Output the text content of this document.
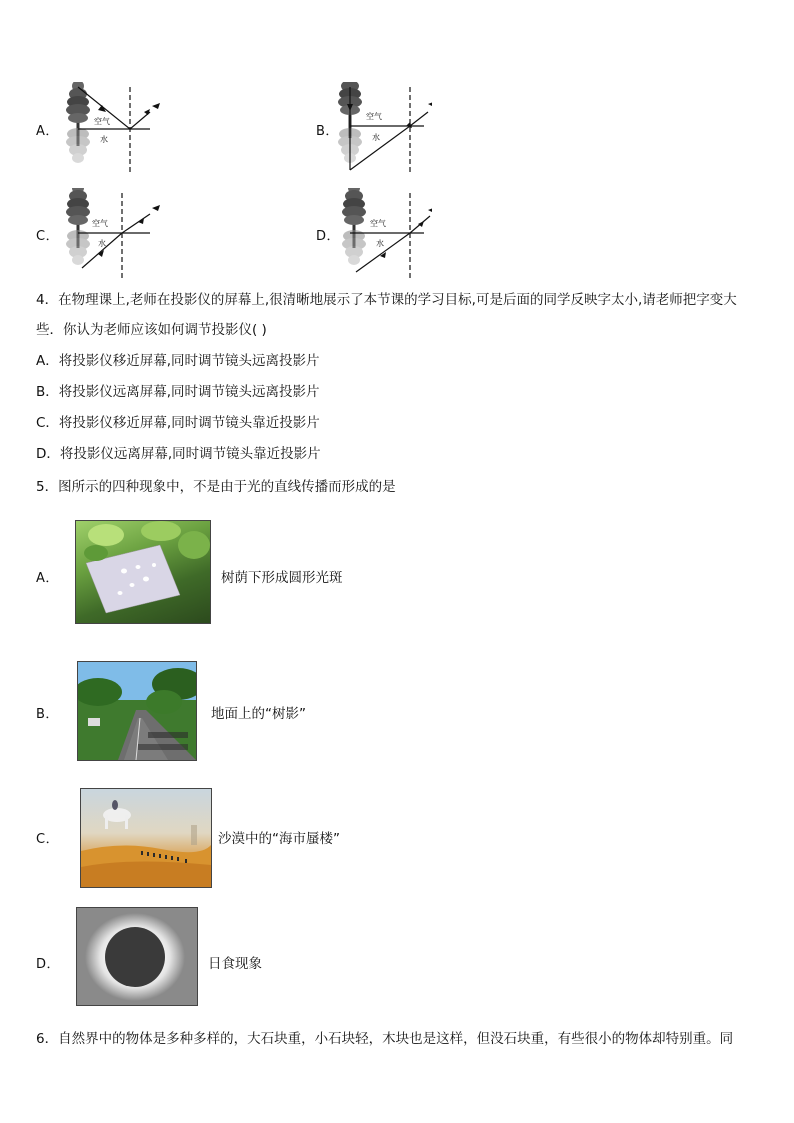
A．
空气
水
B．
空气
水
C．
空气
水	D．
空气
水
4．在物理课上,老师在投影仪的屏幕上,很清晰地展示了本节课的学习目标,可是后面的同学反映字太小,请老师把字变大
些．你认为老师应该如何调节投影仪( )
A．将投影仪移近屏幕,同时调节镜头远离投影片
B．将投影仪远离屏幕,同时调节镜头远离投影片
C．将投影仪移近屏幕,同时调节镜头靠近投影片
D．将投影仪远离屏幕,同时调节镜头靠近投影片
5．图所示的四种现象中，不是由于光的直线传播而形成的是
A．	树荫下形成圆形光斑
B．	地面上的“树影”
C．	沙漠中的“海市蜃楼”
D．	日食现象
6．自然界中的物体是多种多样的，大石块重，小石块轻，木块也是这样，但没石块重，有些很小的物体却特别重。同
